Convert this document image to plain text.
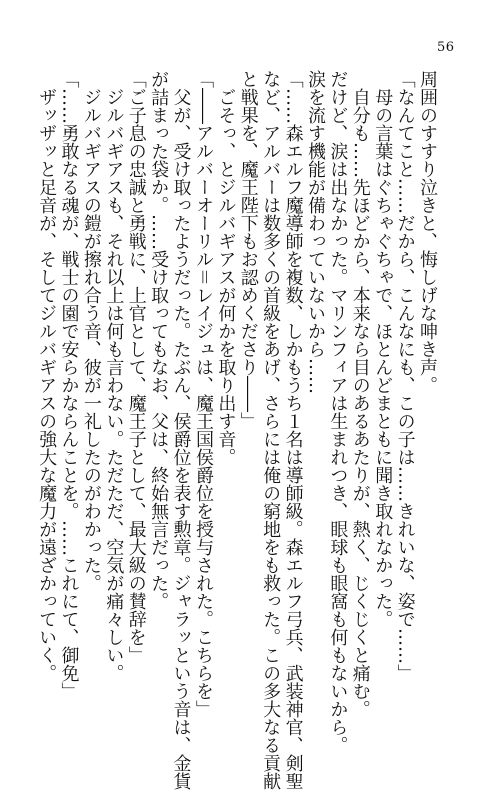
56
周囲のすすり泣きと、悔しげな呻き声。
「なんてこと……だから、こんなにも、この子は……きれいな、姿で……」
　母の言葉はぐちゃぐちゃで、ほとんどまともに聞き取れなかった。
　自分も……先ほどから、本来なら目のあるあたりが、熱く、じくじくと痛む。
だけど、涙は出なかった。マリンフィアは生まれつき、眼球も眼窩も何もないから。
涙を流す機能が備わっていないから……
「……森エルフ魔導師を複数、しかもうち１名は導師級。森エルフ弓兵、武装神官、剣聖
など、アルバーは数多くの首級をあげ、さらには俺の窮地をも救った。この多大なる貢献
と戦果を、魔王陛下もお認めくださり――」
　ごそっ、とジルバギアスが何かを取り出す音。
「――アルバーオーリル＝レイジュは、魔王国侯爵位を授与された。こちらを」
　父が、受け取ったようだった。たぶん、侯爵位を表す勲章。ジャラッという音は、金貨
が詰まった袋か。……受け取ってもなお、父は、終始無言だった。
「ご子息の忠誠と勇戦に、上官として、魔王子として、最大級の賛辞を」
　ジルバギアスも、それ以上は何も言わない。ただただ、空気が痛々しい。
　ジルバギアスの鎧が擦れ合う音、彼が一礼したのがわかった。
「……勇敢なる魂が、戦士の園で安らかならんことを。……これにて、御免」
　ザッザッと足音が、そしてジルバギアスの強大な魔力が遠ざかっていく。
